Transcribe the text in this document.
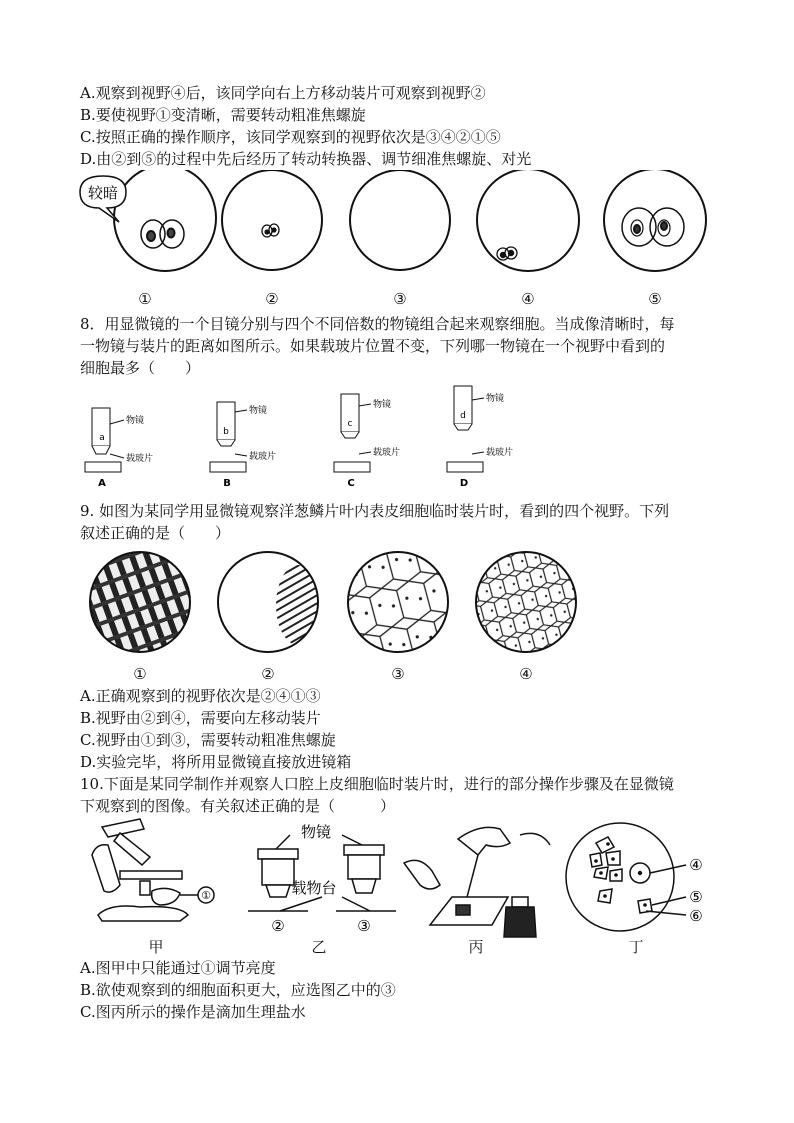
A.观察到视野④后，该同学向右上方移动装片可观察到视野②
B.要使视野①变清晰，需要转动粗准焦螺旋
C.按照正确的操作顺序，该同学观察到的视野依次是③④②①⑤
D.由②到⑤的过程中先后经历了转动转换器、调节细准焦螺旋、对光
较暗
①	②	③	④	⑤
8．用显微镜的一个目镜分别与四个不同倍数的物镜组合起来观察细胞。当成像清晰时，每
一物镜与装片的距离如图所示。如果载玻片位置不变，下列哪一物镜在一个视野中看到的
细胞最多（　　）
a
物镜
载玻片
b
物镜
载玻片
c
物镜
载玻片
d
物镜
载玻片
A	B	C	D
9. 如图为某同学用显微镜观察洋葱鳞片叶内表皮细胞临时装片时，看到的四个视野。下列
叙述正确的是（　　）
①	②	③	④
A.正确观察到的视野依次是②④①③
B.视野由②到④，需要向左移动装片
C.视野由①到③，需要转动粗准焦螺旋
D.实验完毕，将所用显微镜直接放进镜箱
10.下面是某同学制作并观察人口腔上皮细胞临时装片时，进行的部分操作步骤及在显微镜
下观察到的图像。有关叙述正确的是（　　　）
①
物镜
载物台
②	③
④
⑤
⑥
甲	乙	丙	丁
A.图甲中只能通过①调节亮度
B.欲使观察到的细胞面积更大，应选图乙中的③
C.图丙所示的操作是滴加生理盐水
